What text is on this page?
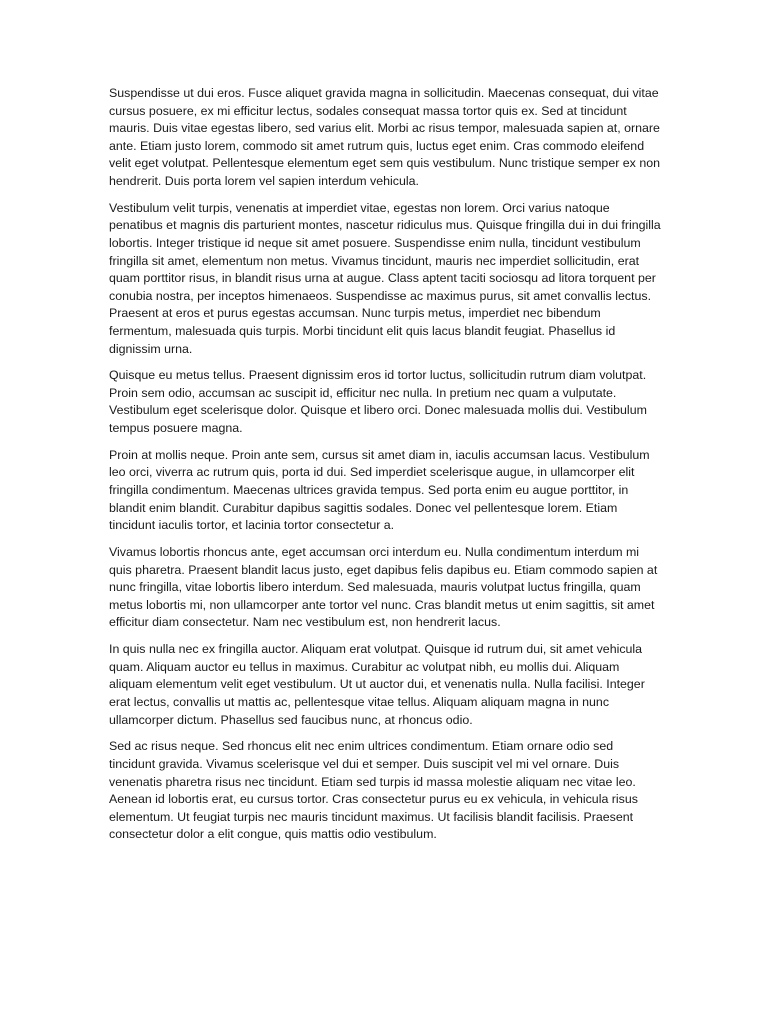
Suspendisse ut dui eros. Fusce aliquet gravida magna in sollicitudin. Maecenas consequat, dui vitae cursus posuere, ex mi efficitur lectus, sodales consequat massa tortor quis ex. Sed at tincidunt mauris. Duis vitae egestas libero, sed varius elit. Morbi ac risus tempor, malesuada sapien at, ornare ante. Etiam justo lorem, commodo sit amet rutrum quis, luctus eget enim. Cras commodo eleifend velit eget volutpat. Pellentesque elementum eget sem quis vestibulum. Nunc tristique semper ex non hendrerit. Duis porta lorem vel sapien interdum vehicula.

Vestibulum velit turpis, venenatis at imperdiet vitae, egestas non lorem. Orci varius natoque penatibus et magnis dis parturient montes, nascetur ridiculus mus. Quisque fringilla dui in dui fringilla lobortis. Integer tristique id neque sit amet posuere. Suspendisse enim nulla, tincidunt vestibulum fringilla sit amet, elementum non metus. Vivamus tincidunt, mauris nec imperdiet sollicitudin, erat quam porttitor risus, in blandit risus urna at augue. Class aptent taciti sociosqu ad litora torquent per conubia nostra, per inceptos himenaeos. Suspendisse ac maximus purus, sit amet convallis lectus. Praesent at eros et purus egestas accumsan. Nunc turpis metus, imperdiet nec bibendum fermentum, malesuada quis turpis. Morbi tincidunt elit quis lacus blandit feugiat. Phasellus id dignissim urna.

Quisque eu metus tellus. Praesent dignissim eros id tortor luctus, sollicitudin rutrum diam volutpat. Proin sem odio, accumsan ac suscipit id, efficitur nec nulla. In pretium nec quam a vulputate. Vestibulum eget scelerisque dolor. Quisque et libero orci. Donec malesuada mollis dui. Vestibulum tempus posuere magna.

Proin at mollis neque. Proin ante sem, cursus sit amet diam in, iaculis accumsan lacus. Vestibulum leo orci, viverra ac rutrum quis, porta id dui. Sed imperdiet scelerisque augue, in ullamcorper elit fringilla condimentum. Maecenas ultrices gravida tempus. Sed porta enim eu augue porttitor, in blandit enim blandit. Curabitur dapibus sagittis sodales. Donec vel pellentesque lorem. Etiam tincidunt iaculis tortor, et lacinia tortor consectetur a.

Vivamus lobortis rhoncus ante, eget accumsan orci interdum eu. Nulla condimentum interdum mi quis pharetra. Praesent blandit lacus justo, eget dapibus felis dapibus eu. Etiam commodo sapien at nunc fringilla, vitae lobortis libero interdum. Sed malesuada, mauris volutpat luctus fringilla, quam metus lobortis mi, non ullamcorper ante tortor vel nunc. Cras blandit metus ut enim sagittis, sit amet efficitur diam consectetur. Nam nec vestibulum est, non hendrerit lacus.

In quis nulla nec ex fringilla auctor. Aliquam erat volutpat. Quisque id rutrum dui, sit amet vehicula quam. Aliquam auctor eu tellus in maximus. Curabitur ac volutpat nibh, eu mollis dui. Aliquam aliquam elementum velit eget vestibulum. Ut ut auctor dui, et venenatis nulla. Nulla facilisi. Integer erat lectus, convallis ut mattis ac, pellentesque vitae tellus. Aliquam aliquam magna in nunc ullamcorper dictum. Phasellus sed faucibus nunc, at rhoncus odio.

Sed ac risus neque. Sed rhoncus elit nec enim ultrices condimentum. Etiam ornare odio sed tincidunt gravida. Vivamus scelerisque vel dui et semper. Duis suscipit vel mi vel ornare. Duis venenatis pharetra risus nec tincidunt. Etiam sed turpis id massa molestie aliquam nec vitae leo. Aenean id lobortis erat, eu cursus tortor. Cras consectetur purus eu ex vehicula, in vehicula risus elementum. Ut feugiat turpis nec mauris tincidunt maximus. Ut facilisis blandit facilisis. Praesent consectetur dolor a elit congue, quis mattis odio vestibulum.
